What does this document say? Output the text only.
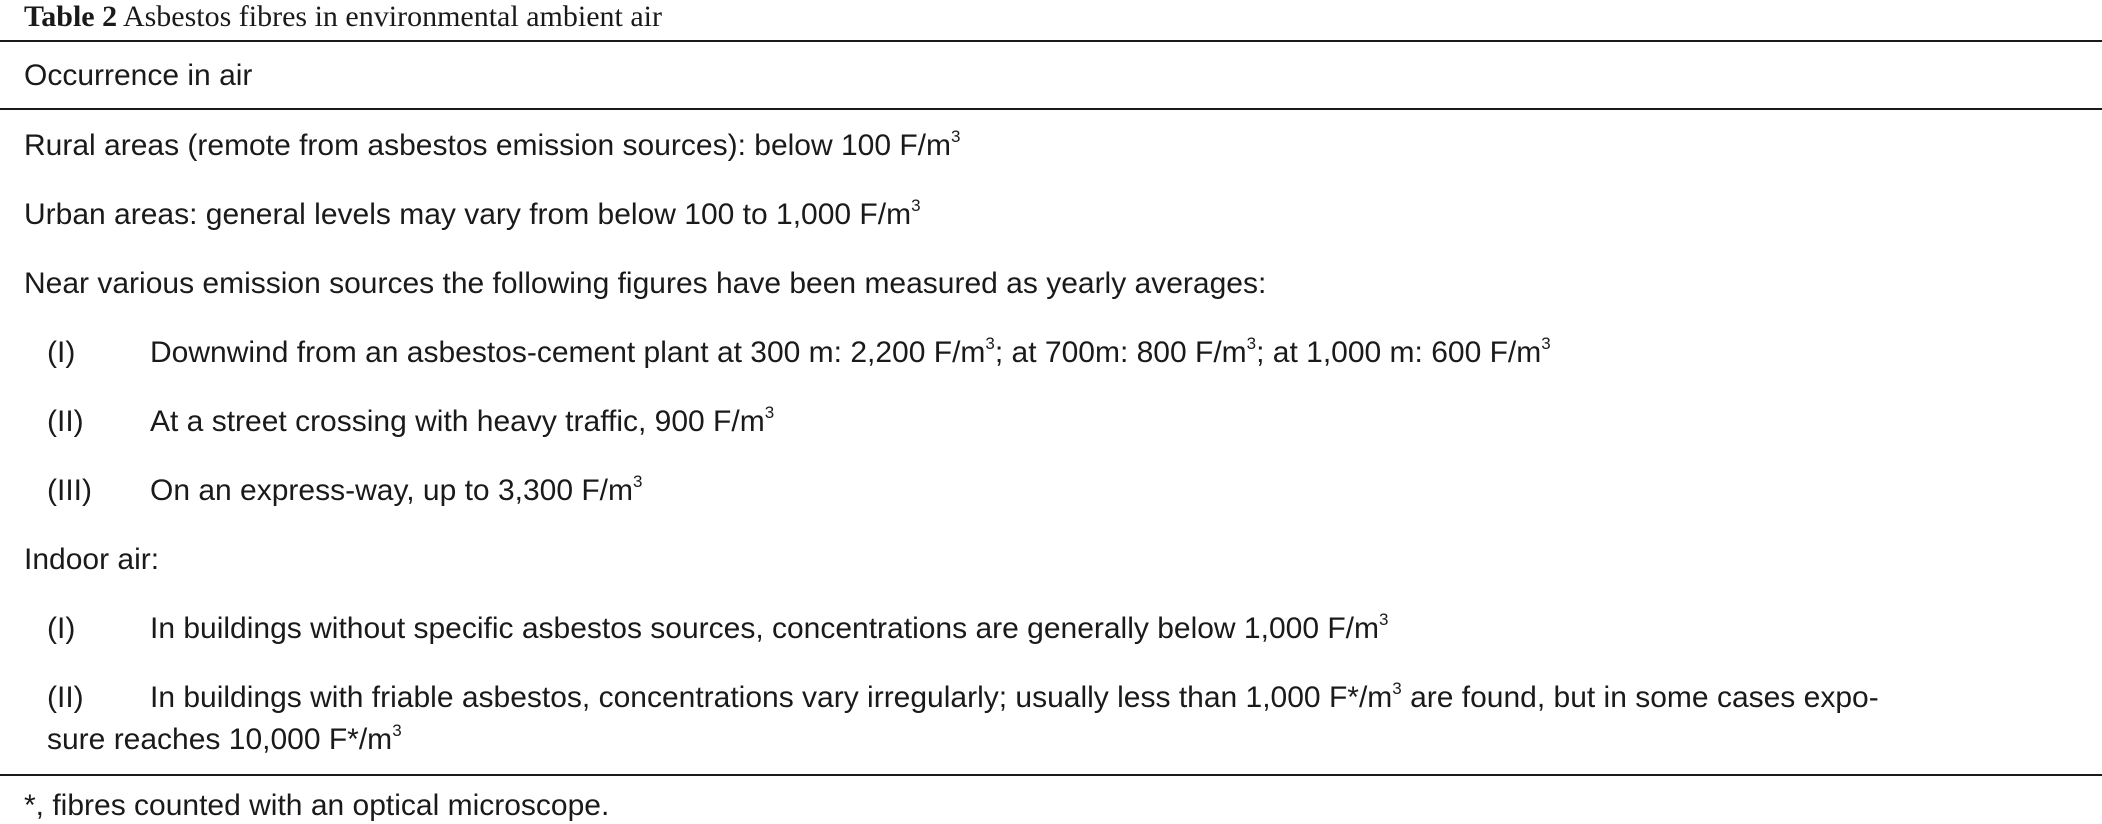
Table 2 Asbestos fibres in environmental ambient air
Occurrence in air
Rural areas (remote from asbestos emission sources): below 100 $F/m^3$
Urban areas: general levels may vary from below 100 to 1,000 $F/m^3$
Near various emission sources the following figures have been measured as yearly averages:
(I) Downwind from an asbestos-cement plant at 300 m: 2,200 $F/m^3$; at 700m: 800 $F/m^3$; at 1,000 m: 600 $F/m^3$
(II) At a street crossing with heavy traffic, 900 $F/m^3$
(III) On an express-way, up to 3,300 $F/m^3$
Indoor air:
(I) In buildings without specific asbestos sources, concentrations are generally below 1,000 $F/m^3$
(II) In buildings with friable asbestos, concentrations vary irregularly; usually less than 1,000 $F*/m^3$ are found, but in some cases expo-
sure reaches 10,000 $F*/m^3$
*, fibres counted with an optical microscope.
